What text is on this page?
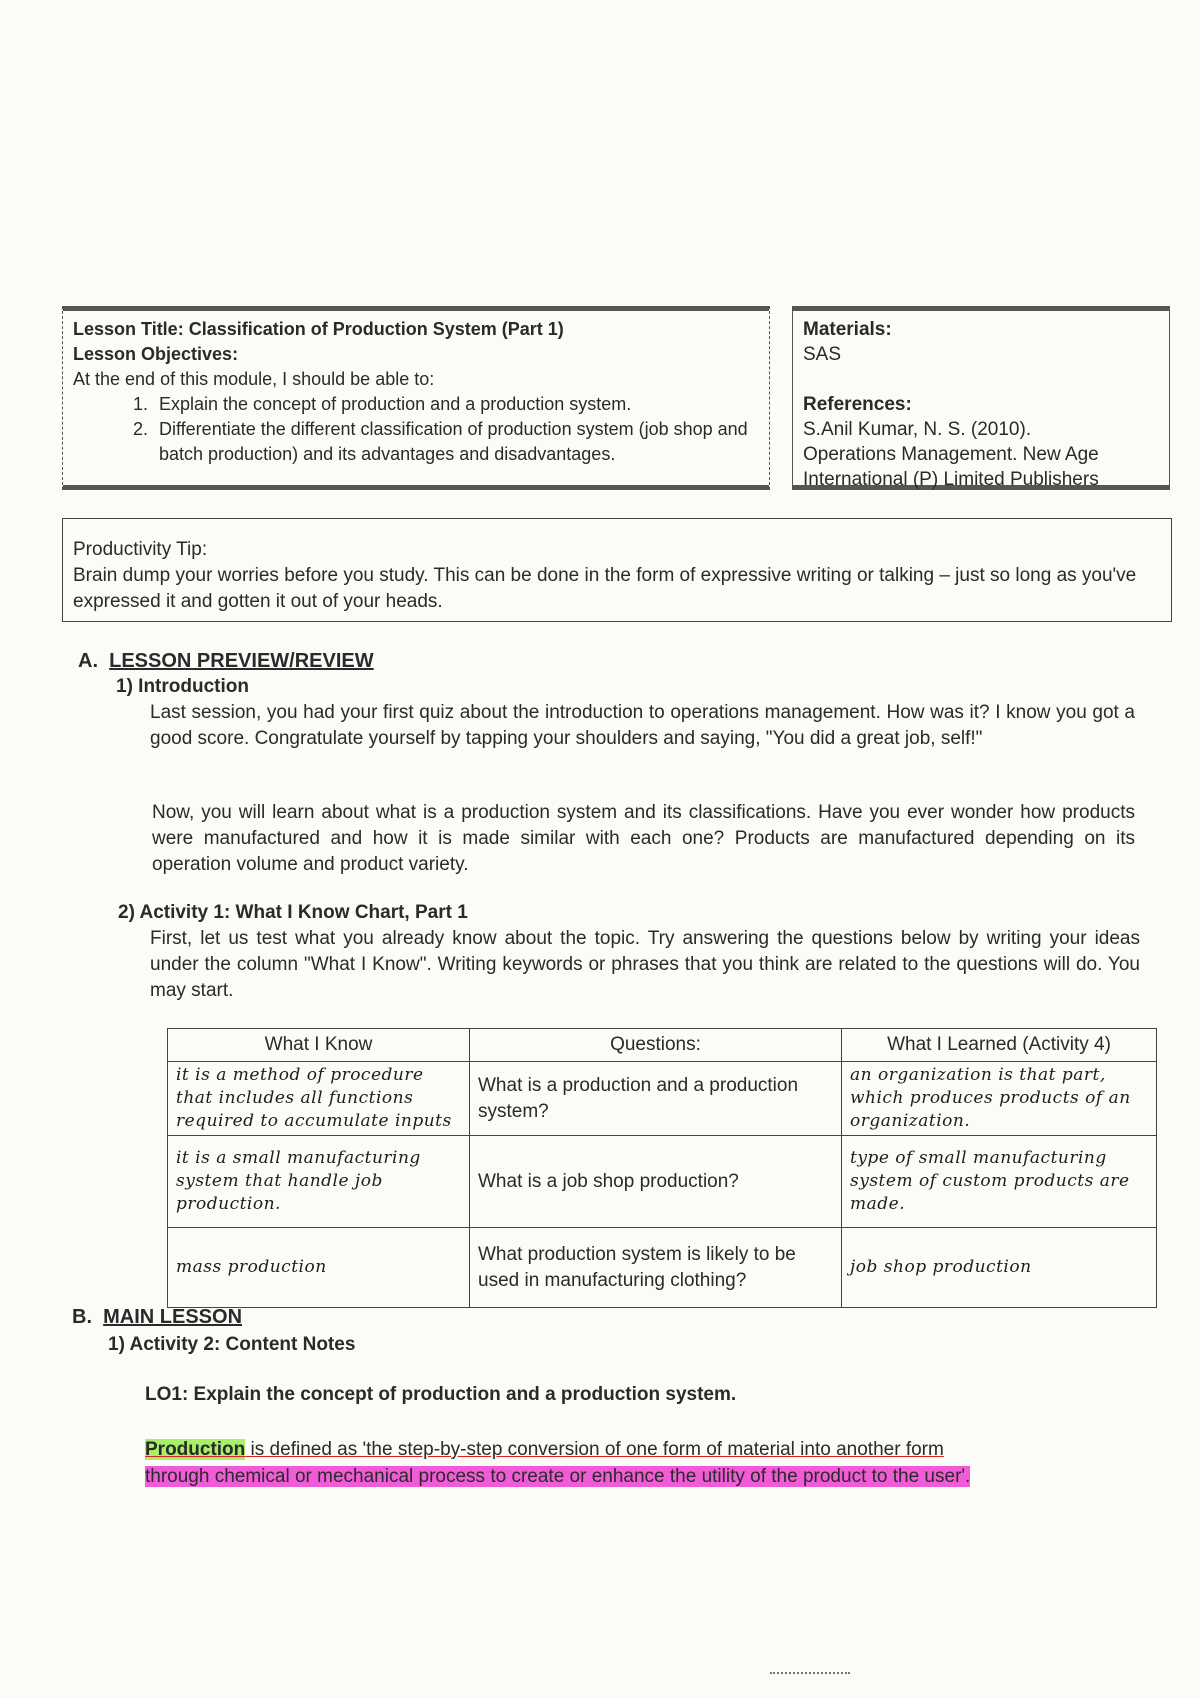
Lesson Title: Classification of Production System (Part 1)
Lesson Objectives:
At the end of this module, I should be able to:
1. Explain the concept of production and a production system.
2. Differentiate the different classification of production system (job shop and batch production) and its advantages and disadvantages.
Materials:
SAS
References:
S.Anil Kumar, N. S. (2010).
Operations Management. New Age
International (P) Limited Publishers
Productivity Tip:
Brain dump your worries before you study. This can be done in the form of expressive writing or talking – just so long as you've expressed it and gotten it out of your heads.
A. LESSON PREVIEW/REVIEW
1) Introduction
Last session, you had your first quiz about the introduction to operations management. How was it? I know you got a good score. Congratulate yourself by tapping your shoulders and saying, "You did a great job, self!"
Now, you will learn about what is a production system and its classifications. Have you ever wonder how products were manufactured and how it is made similar with each one? Products are manufactured depending on its operation volume and product variety.
2) Activity 1: What I Know Chart, Part 1
First, let us test what you already know about the topic. Try answering the questions below by writing your ideas under the column "What I Know". Writing keywords or phrases that you think are related to the questions will do. You may start.
What I Know	Questions:	What I Learned (Activity 4)
it is a method of procedure that includes all functions required to accumulate inputs	What is a production and a production system?	an organization is that part, which produces products of an organization.
it is a small manufacturing system that handle job production.	What is a job shop production?	type of small manufacturing system of custom products are made.
mass production	What production system is likely to be used in manufacturing clothing?	job shop production
B. MAIN LESSON
1) Activity 2: Content Notes
LO1: Explain the concept of production and a production system.
Production is defined as 'the step-by-step conversion of one form of material into another form
through chemical or mechanical process to create or enhance the utility of the product to the user'.
